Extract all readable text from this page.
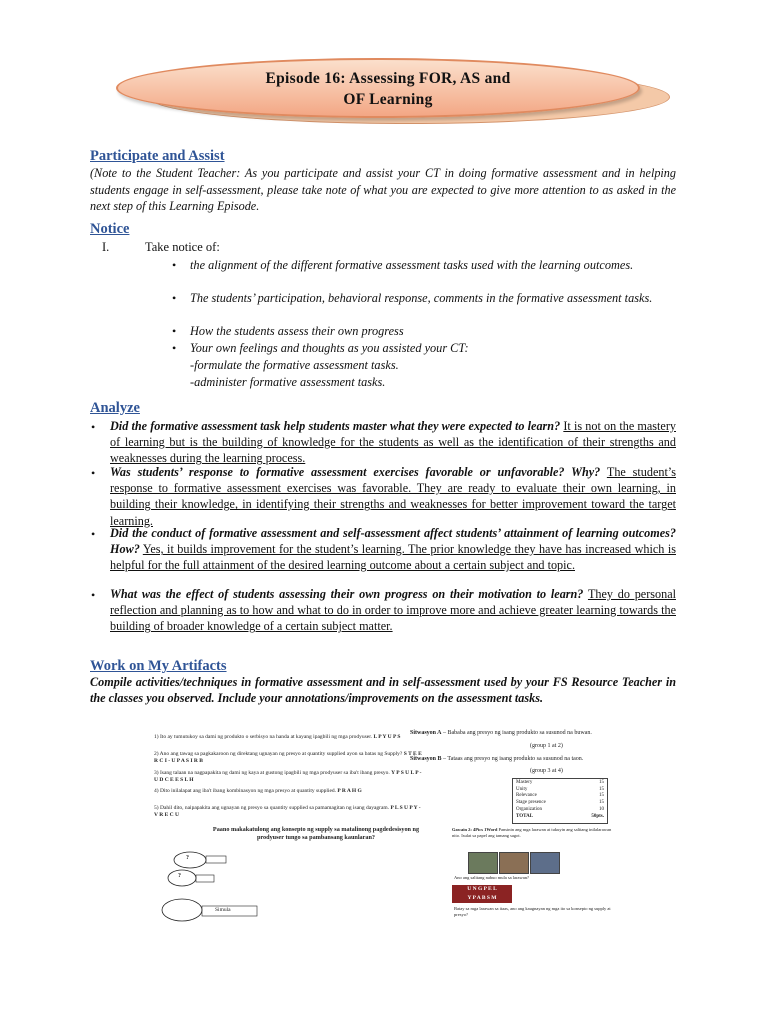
Episode 16: Assessing FOR, AS and
OF Learning
Participate and Assist
(Note to the Student Teacher: As you participate and assist your CT in doing formative assessment and in helping students engage in self-assessment, please take note of what you are expected to give more attention to as asked in the next step of this Learning Episode.
Notice
I.	Take notice of:
• the alignment of the different formative assessment tasks used with the learning outcomes.
• The students’ participation, behavioral response, comments in the formative assessment tasks.
• How the students assess their own progress
• Your own feelings and thoughts as you assisted your CT:
-formulate the formative assessment tasks.
-administer formative assessment tasks.
Analyze
• Did the formative assessment task help students master what they were expected to learn? It is not on the mastery of learning but is the building of knowledge for the students as well as the identification of their strengths and weaknesses during the learning process.
• Was students’ response to formative assessment exercises favorable or unfavorable? Why? The student’s response to formative assessment exercises was favorable. They are ready to evaluate their own learning, in building their knowledge, in identifying their strengths and weaknesses for better improvement toward the target learning.
• Did the conduct of formative assessment and self-assessment affect students’ attainment of learning outcomes? How? Yes, it builds improvement for the student’s learning. The prior knowledge they have has increased which is helpful for the full attainment of the desired learning outcome about a certain subject and topic.
• What was the effect of students assessing their own progress on their motivation to learn? They do personal reflection and planning as to how and what to do in order to improve more and achieve greater learning towards the building of broader knowledge of a certain subject matter.
Work on My Artifacts
Compile activities/techniques in formative assessment and in self-assessment used by your FS Resource Teacher in the classes you observed. Include your annotations/improvements on the assessment tasks.
1) Ito ay tumutukoy sa dami ng produkto o serbisyo na handa at kayang ipagbili ng mga prodyuser. L P Y U P S
2) Ano ang tawag sa pagkakaroon ng direktang ugnayan ng presyo at quantity supplied ayon sa batas ng Supply? S T E E R C I - U P A S I R B
3) Isang talaan na nagpapakita ng dami ng kaya at gustong ipagbili ng mga prodyuser sa iba't ibang presyo. Y P S U L P - U D C E E S L H
4) Dito inilalapat ang iba't ibang kombinasyon ng mga presyo at quantity supplied. P R A H G
5) Dahil dito, naipapakita ang ugnayan ng presyo sa quantity supplied sa pamamagitan ng isang dayagram. P L S U P Y - V R E C U
Sitwasyon A – Bababa ang presyo ng isang produkto sa susunod na buwan.
(group 1 at 2)
Sitwasyon B – Tataas ang presyo ng isang produkto sa susunod na taon.
(group 3 at 4)
Mastery	15
Unity	15
Relevance	15
Stage presence	15
Organization	10
TOTAL	50pts.
Paano makakatulong ang konsepto ng supply sa matalinong pagdedesisyon ng prodyuser tungo sa pambansang kaunlaran?
?
?
Simula
Gawain 2: 4Pics 1Word Pansinin ang mga larawan at tukuyin ang salitang inilalarawan nito. Isulat sa papel ang tamang sagot.
Ano ang salitang nabuo mula sa larawan?
U N G P E L
Y P A B S M
Batay sa mga larawan sa itaas, ano ang kaugnayan ng mga ito sa konsepto ng supply at presyo?
